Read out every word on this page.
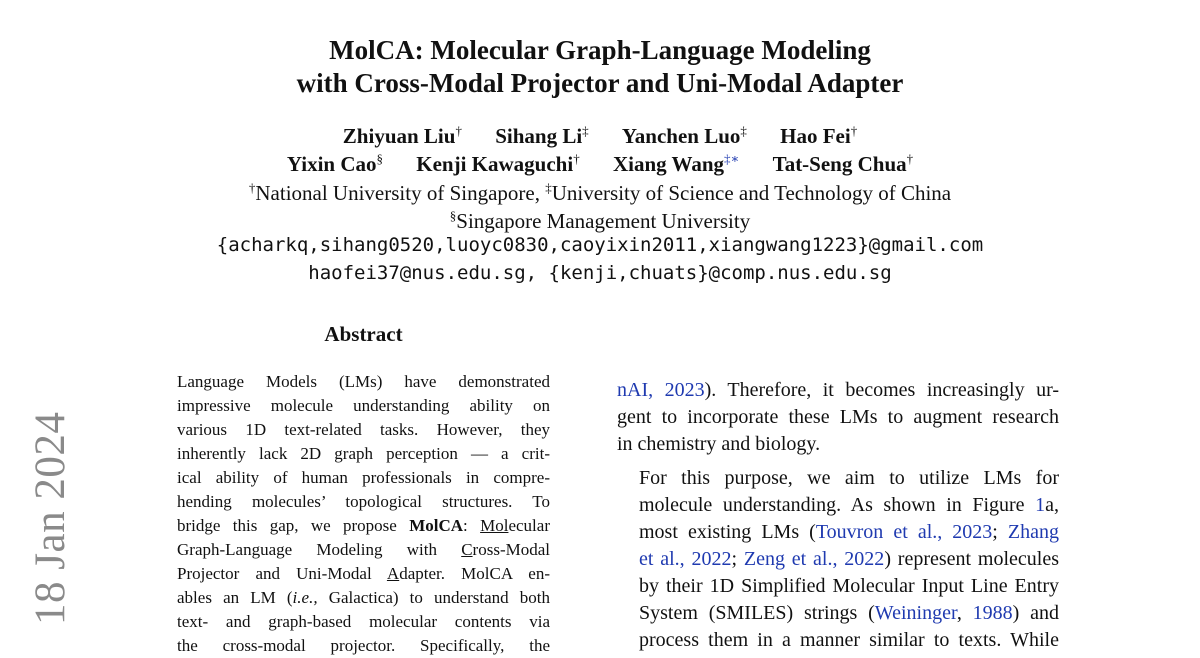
18 Jan 2024
MolCA: Molecular Graph-Language Modeling
with Cross-Modal Projector and Uni-Modal Adapter
Zhiyuan Liu† Sihang Li‡ Yanchen Luo‡ Hao Fei†
Yixin Cao§ Kenji Kawaguchi† Xiang Wang‡∗ Tat-Seng Chua†
†National University of Singapore, ‡University of Science and Technology of China
§Singapore Management University
{acharkq,sihang0520,luoyc0830,caoyixin2011,xiangwang1223}@gmail.com
haofei37@nus.edu.sg, {kenji,chuats}@comp.nus.edu.sg
Abstract
Language Models (LMs) have demonstrated
impressive molecule understanding ability on
various 1D text-related tasks. However, they
inherently lack 2D graph perception — a crit-
ical ability of human professionals in compre-
hending molecules’ topological structures. To
bridge this gap, we propose MolCA: Molecular
Graph-Language Modeling with Cross-Modal
Projector and Uni-Modal Adapter. MolCA en-
ables an LM (i.e., Galactica) to understand both
text- and graph-based molecular contents via
the cross-modal projector. Specifically, the

nAI, 2023). Therefore, it becomes increasingly ur-
gent to incorporate these LMs to augment research
in chemistry and biology.

For this purpose, we aim to utilize LMs for
molecule understanding. As shown in Figure 1a,
most existing LMs (Touvron et al., 2023; Zhang
et al., 2022; Zeng et al., 2022) represent molecules
by their 1D Simplified Molecular Input Line Entry
System (SMILES) strings (Weininger, 1988) and
process them in a manner similar to texts. While
